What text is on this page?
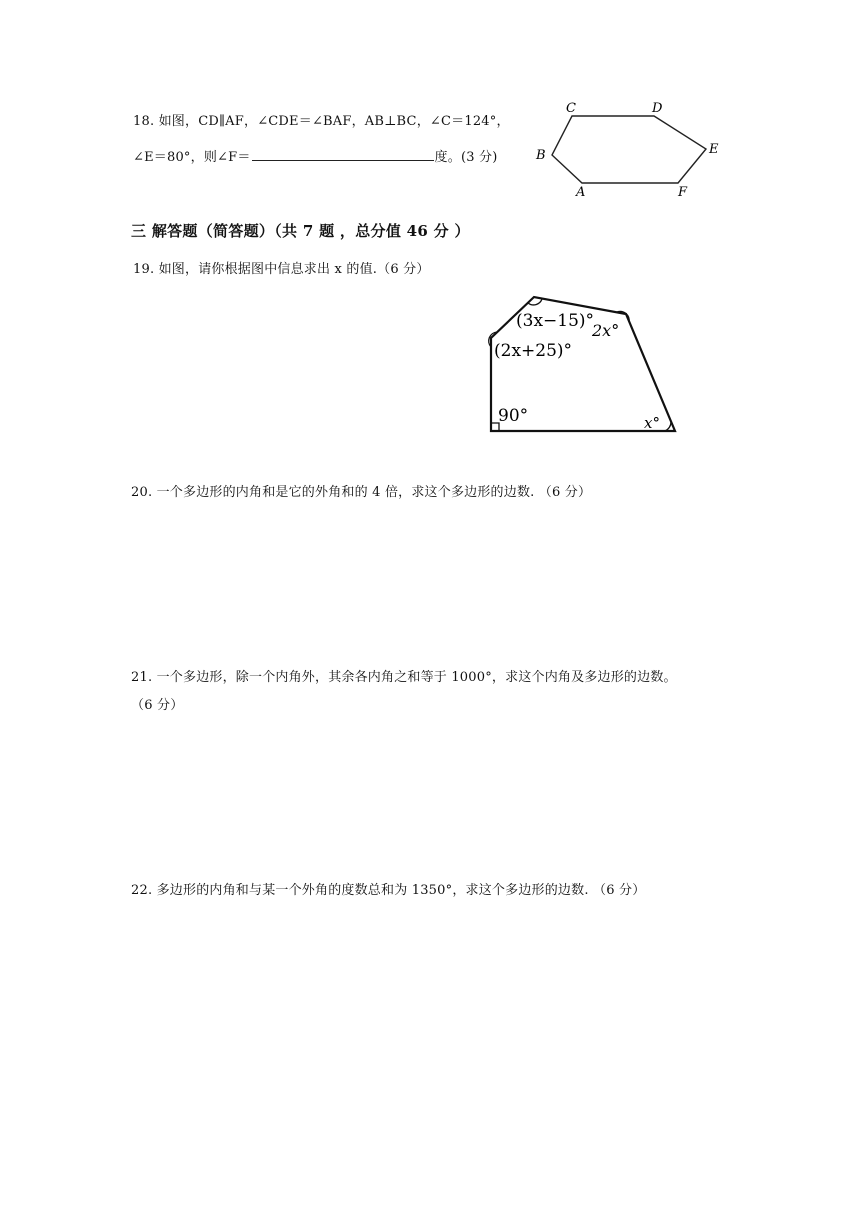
18. 如图，CD∥AF，∠CDE＝∠BAF，AB⊥BC，∠C＝124°，
∠E＝80°，则∠F＝	度。(3 分)
C	D
E
F
A
B
三 解答题（简答题）（共 7 题 ，总分值 46 分 ）
19. 如图，请你根据图中信息求出 x 的值.（6 分）
(3x−15)°
2x°
(2x+25)°
90°	x°
20. 一个多边形的内角和是它的外角和的 4 倍，求这个多边形的边数. （6 分）
21. 一个多边形，除一个内角外，其余各内角之和等于 1000°，求这个内角及多边形的边数。
（6 分）
22. 多边形的内角和与某一个外角的度数总和为 1350°，求这个多边形的边数. （6 分）
